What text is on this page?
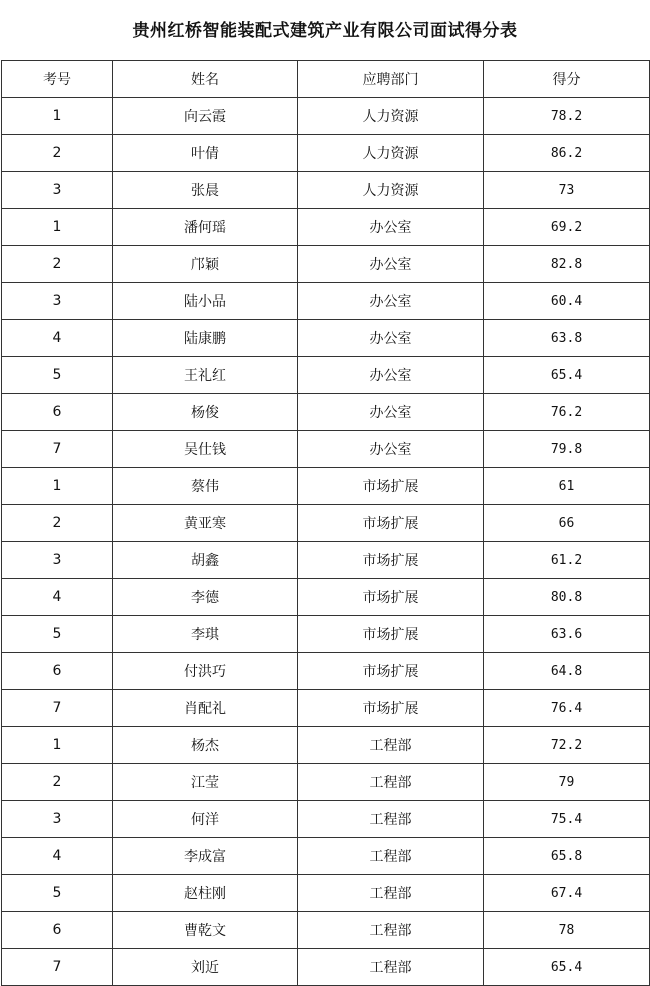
贵州红桥智能装配式建筑产业有限公司面试得分表
考号	姓名	应聘部门	得分
1	向云霞	人力资源	78.2
2	叶倩	人力资源	86.2
3	张晨	人力资源	73
1	潘何瑶	办公室	69.2
2	邝颖	办公室	82.8
3	陆小品	办公室	60.4
4	陆康鹏	办公室	63.8
5	王礼红	办公室	65.4
6	杨俊	办公室	76.2
7	吴仕钱	办公室	79.8
1	蔡伟	市场扩展	61
2	黄亚寒	市场扩展	66
3	胡鑫	市场扩展	61.2
4	李德	市场扩展	80.8
5	李琪	市场扩展	63.6
6	付洪巧	市场扩展	64.8
7	肖配礼	市场扩展	76.4
1	杨杰	工程部	72.2
2	江莹	工程部	79
3	何洋	工程部	75.4
4	李成富	工程部	65.8
5	赵柱刚	工程部	67.4
6	曹乾文	工程部	78
7	刘近	工程部	65.4
